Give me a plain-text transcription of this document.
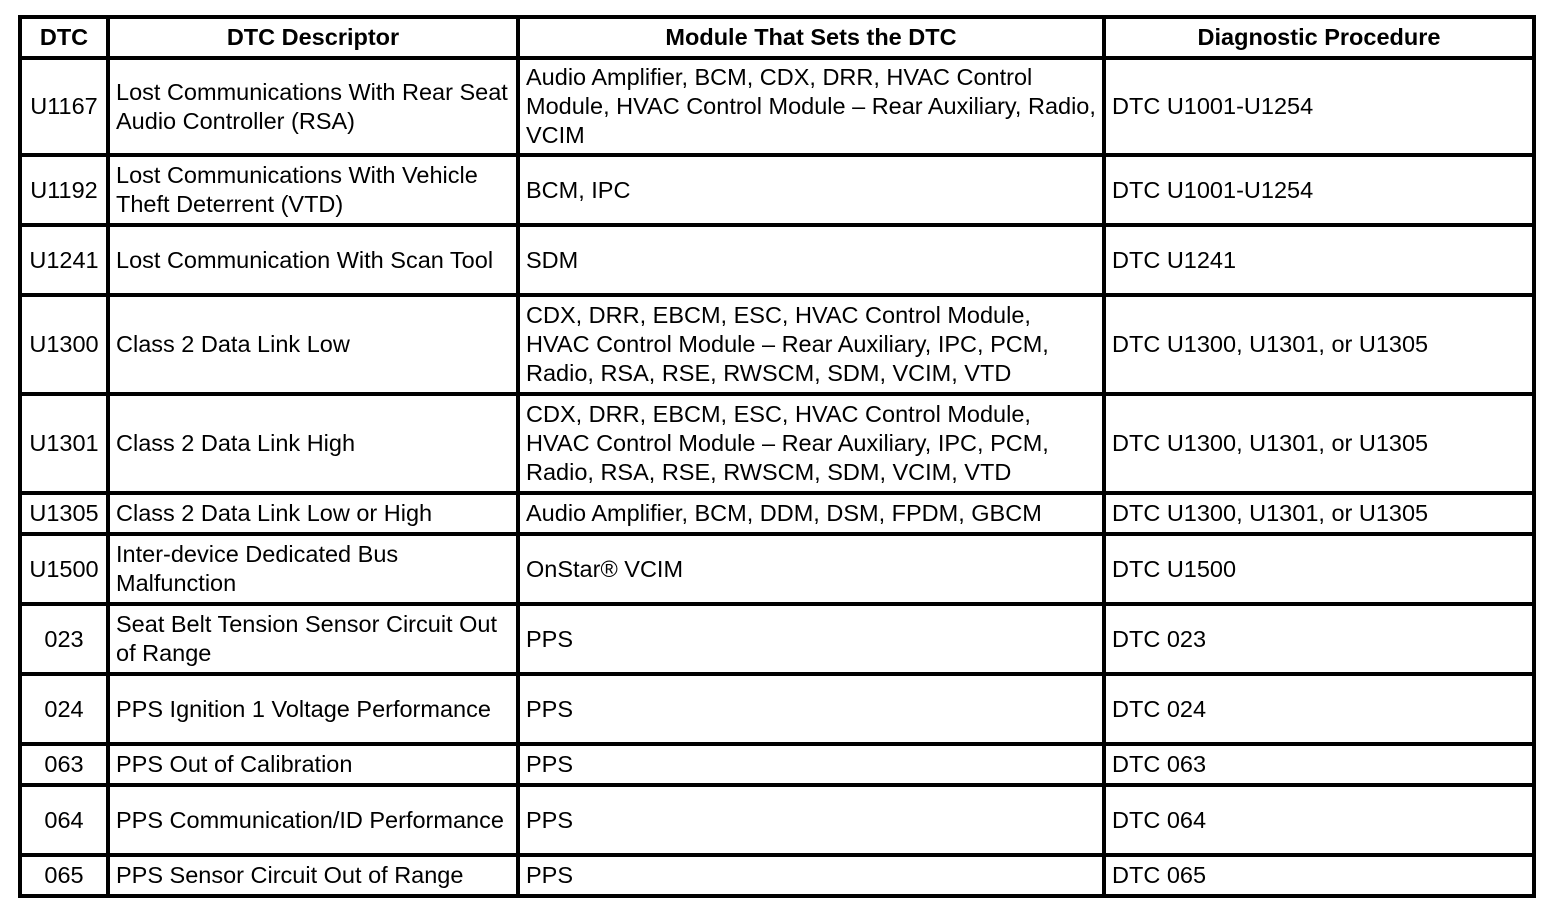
DTC	DTC Descriptor	Module That Sets the DTC	Diagnostic Procedure
U1167	Lost Communications With Rear Seat Audio Controller (RSA)	Audio Amplifier, BCM, CDX, DRR, HVAC Control Module, HVAC Control Module – Rear Auxiliary, Radio, VCIM	DTC U1001-U1254
U1192	Lost Communications With Vehicle Theft Deterrent (VTD)	BCM, IPC	DTC U1001-U1254
U1241	Lost Communication With Scan Tool	SDM	DTC U1241
U1300	Class 2 Data Link Low	CDX, DRR, EBCM, ESC, HVAC Control Module, HVAC Control Module – Rear Auxiliary, IPC, PCM, Radio, RSA, RSE, RWSCM, SDM, VCIM, VTD	DTC U1300, U1301, or U1305
U1301	Class 2 Data Link High	CDX, DRR, EBCM, ESC, HVAC Control Module, HVAC Control Module – Rear Auxiliary, IPC, PCM, Radio, RSA, RSE, RWSCM, SDM, VCIM, VTD	DTC U1300, U1301, or U1305
U1305	Class 2 Data Link Low or High	Audio Amplifier, BCM, DDM, DSM, FPDM, GBCM	DTC U1300, U1301, or U1305
U1500	Inter-device Dedicated Bus Malfunction	OnStar® VCIM	DTC U1500
023	Seat Belt Tension Sensor Circuit Out of Range	PPS	DTC 023
024	PPS Ignition 1 Voltage Performance	PPS	DTC 024
063	PPS Out of Calibration	PPS	DTC 063
064	PPS Communication/ID Performance	PPS	DTC 064
065	PPS Sensor Circuit Out of Range	PPS	DTC 065
